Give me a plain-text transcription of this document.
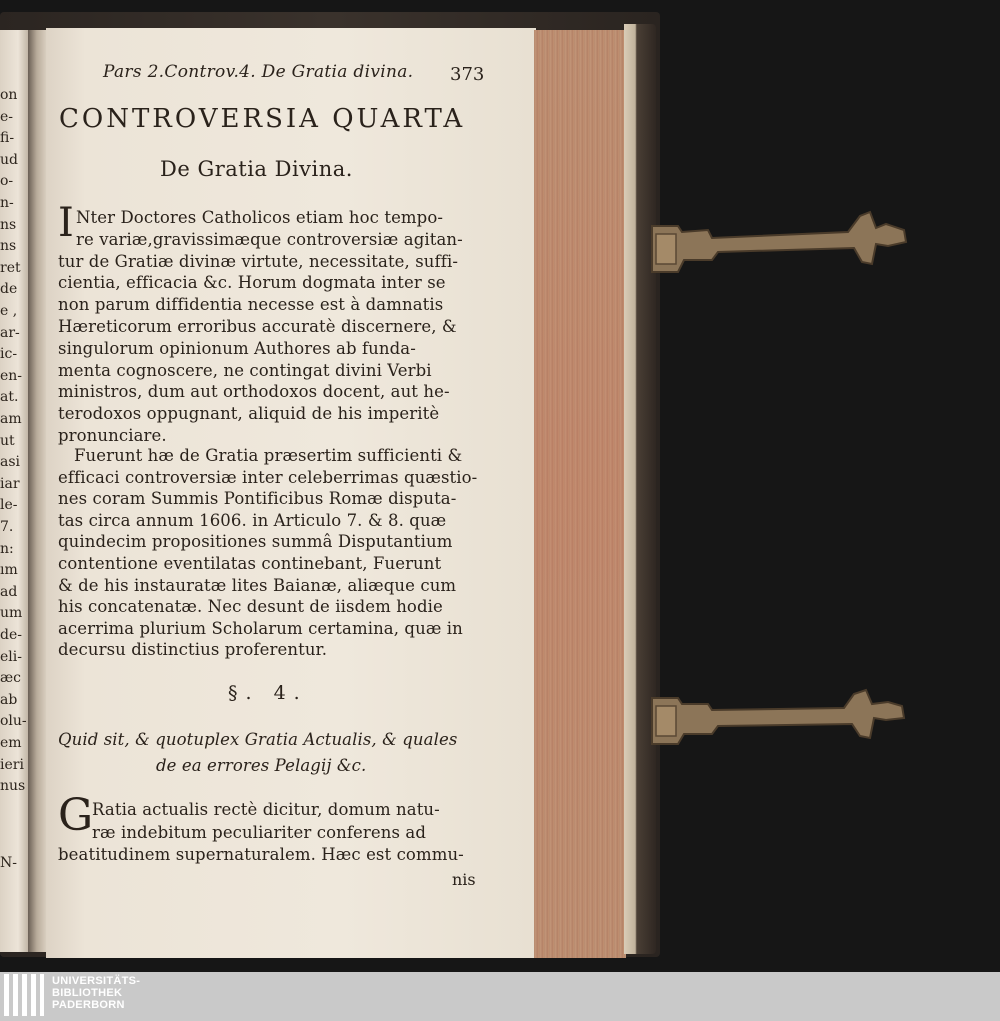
on
e-
fi-
ud
o-
n-
ns
ns
ret
de
e ,
ar-
ic-
en-
at.
am
ut
asi
iar
le-
7.
n:
ım
ad
um
de-
eli-
æc
ab
olu-
em
ieri
nus
N-
Pars 2.Controv.4. De Gratia divina. 373
CONTROVERSIA QUARTA
De Gratia Divina.
I Nter Doctores Catholicos etiam hoc tempo-
re variæ,gravissimæque controversiæ agitan-
tur de Gratiæ divinæ virtute, necessitate, suffi-
cientia, efficacia &c. Horum dogmata inter se
non parum diffidentia necesse est à damnatis
Hæreticorum erroribus accuratè discernere, &
singulorum opinionum Authores ab funda-
menta cognoscere, ne contingat divini Verbi
ministros, dum aut orthodoxos docent, aut he-
terodoxos oppugnant, aliquid de his imperitè
pronunciare.
Fuerunt hæ de Gratia præsertim sufficienti &
efficaci controversiæ inter celeberrimas quæstio-
nes coram Summis Pontificibus Romæ disputa-
tas circa annum 1606. in Articulo 7. & 8. quæ
quindecim propositiones summâ Disputantium
contentione eventilatas continebant, Fuerunt
& de his instauratæ lites Baianæ, aliæque cum
his concatenatæ. Nec desunt de iisdem hodie
acerrima plurium Scholarum certamina, quæ in
decursu distinctius proferentur.
§. 4.
Quid sit, & quotuplex Gratia Actualis, & quales
de ea errores Pelagij &c.
G
Ratia actualis rectè dicitur, domum natu-
ræ indebitum peculiariter conferens ad
beatitudinem supernaturalem. Hæc est commu-
nis
UNIVERSITÄTS-
BIBLIOTHEK
PADERBORN
